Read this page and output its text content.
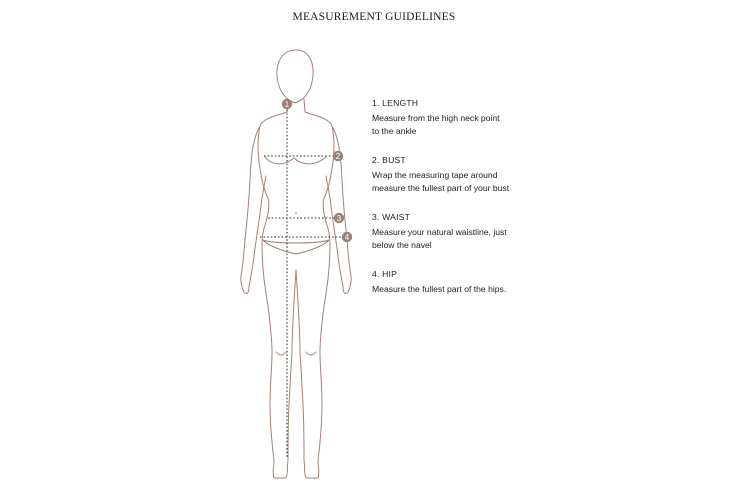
MEASUREMENT GUIDELINES
1
2
3
4
1. LENGTH
Measure from the high neck point
to the ankle
2. BUST
Wrap the measuring tape around
measure the fullest part of your bust
3. WAIST
Measure your natural waistline, just
below the navel
4. HIP
Measure the fullest part of the hips.
